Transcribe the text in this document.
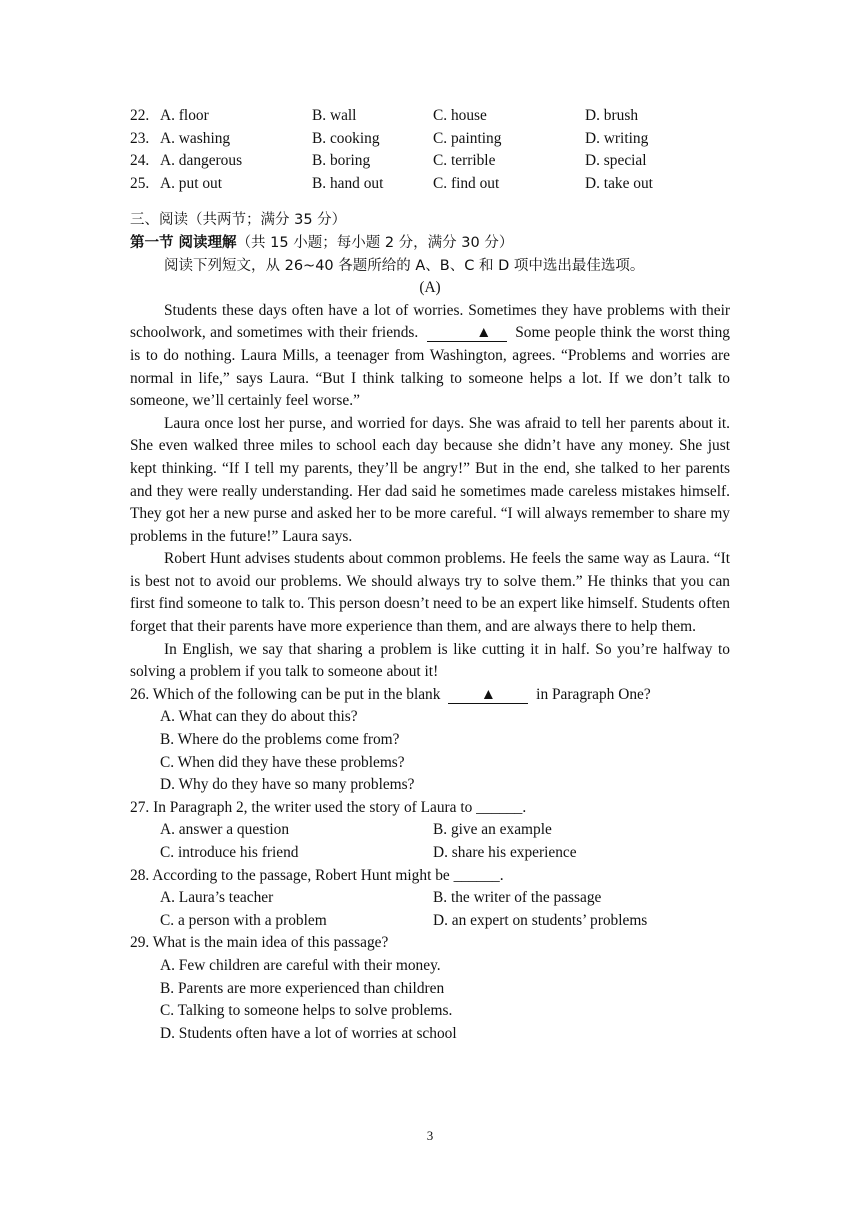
22. A. floor	B. wall	C. house	D. brush
23. A. washing	B. cooking	C. painting	D. writing
24. A. dangerous	B. boring	C. terrible	D. special
25. A. put out	B. hand out	C. find out	D. take out
三、阅读（共两节；满分 35 分）
第一节 阅读理解（共 15 小题；每小题 2 分，满分 30 分）
阅读下列短文，从 26~40 各题所给的 A、B、C 和 D 项中选出最佳选项。
(A)

Students these days often have a lot of worries. Sometimes they have problems with their schoolwork, and sometimes with their friends.	▲ Some people think the worst thing is to do nothing. Laura Mills, a teenager from Washington, agrees. “Problems and worries are normal in life,” says Laura. “But I think talking to someone helps a lot. If we don’t talk to someone, we’ll certainly feel worse.”

Laura once lost her purse, and worried for days. She was afraid to tell her parents about it. She even walked three miles to school each day because she didn’t have any money. She just kept thinking. “If I tell my parents, they’ll be angry!” But in the end, she talked to her parents and they were really understanding. Her dad said he sometimes made careless mistakes himself. They got her a new purse and asked her to be more careful. “I will always remember to share my problems in the future!” Laura says.

Robert Hunt advises students about common problems. He feels the same way as Laura. “It is best not to avoid our problems. We should always try to solve them.” He thinks that you can first find someone to talk to. This person doesn’t need to be an expert like himself. Students often forget that their parents have more experience than them, and are always there to help them.

In English, we say that sharing a problem is like cutting it in half. So you’re halfway to solving a problem if you talk to someone about it!

26. Which of the following can be put in the blank	▲	in Paragraph One?
A. What can they do about this?
B. Where do the problems come from?
C. When did they have these problems?
D. Why do they have so many problems?
27. In Paragraph 2, the writer used the story of Laura to ______.
A. answer a question	B. give an example
C. introduce his friend	D. share his experience
28. According to the passage, Robert Hunt might be ______.
A. Laura’s teacher	B. the writer of the passage
C. a person with a problem	D. an expert on students’ problems
29. What is the main idea of this passage?
A. Few children are careful with their money.
B. Parents are more experienced than children
C. Talking to someone helps to solve problems.
D. Students often have a lot of worries at school
3
